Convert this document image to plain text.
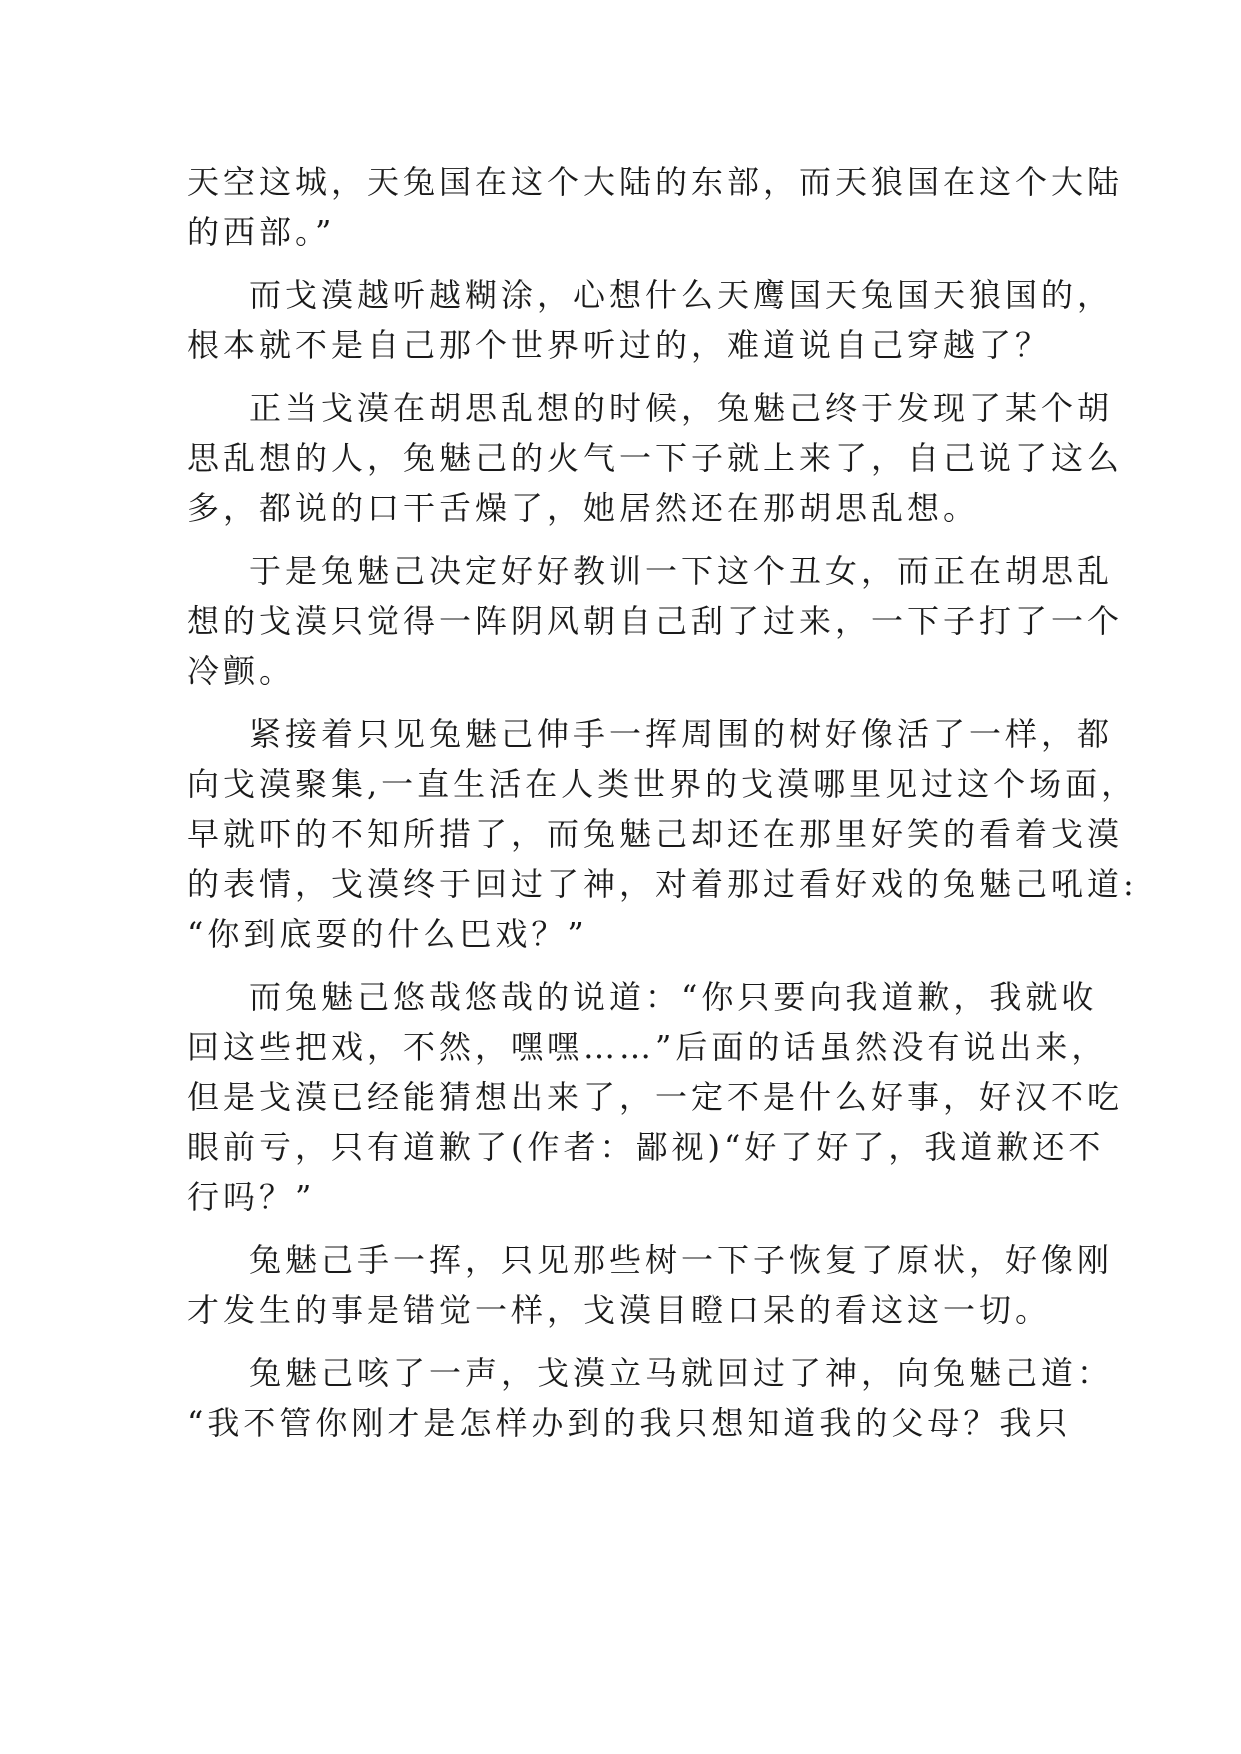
天空这城，天兔国在这个大陆的东部，而天狼国在这个大陆
的西部。”
而戈漠越听越糊涂，心想什么天鹰国天兔国天狼国的，
根本就不是自己那个世界听过的，难道说自己穿越了？
正当戈漠在胡思乱想的时候，兔魅己终于发现了某个胡
思乱想的人，兔魅己的火气一下子就上来了，自己说了这么
多，都说的口干舌燥了，她居然还在那胡思乱想。
于是兔魅己决定好好教训一下这个丑女，而正在胡思乱
想的戈漠只觉得一阵阴风朝自己刮了过来，一下子打了一个
冷颤。
紧接着只见兔魅己伸手一挥周围的树好像活了一样，都
向戈漠聚集,一直生活在人类世界的戈漠哪里见过这个场面，
早就吓的不知所措了，而兔魅己却还在那里好笑的看着戈漠
的表情，戈漠终于回过了神，对着那过看好戏的兔魅己吼道:
“你到底耍的什么巴戏？”
而兔魅己悠哉悠哉的说道：“你只要向我道歉，我就收
回这些把戏，不然，嘿嘿……”后面的话虽然没有说出来，
但是戈漠已经能猜想出来了，一定不是什么好事，好汉不吃
眼前亏，只有道歉了(作者：鄙视)“好了好了，我道歉还不
行吗？”
兔魅己手一挥，只见那些树一下子恢复了原状，好像刚
才发生的事是错觉一样，戈漠目瞪口呆的看这这一切。
兔魅己咳了一声，戈漠立马就回过了神，向兔魅己道：
“我不管你刚才是怎样办到的我只想知道我的父母？我只
